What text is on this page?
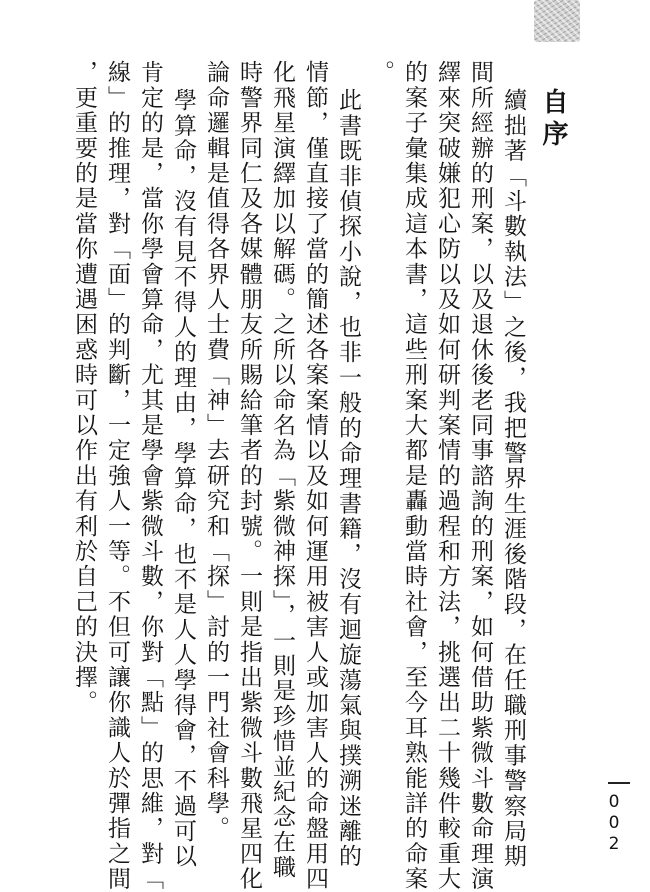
自序
續拙著「斗數執法」之後，我把警界生涯後階段，在任職刑事警察局期
間所經辦的刑案，以及退休後老同事諮詢的刑案，如何借助紫微斗數命理演
繹來突破嫌犯心防以及如何研判案情的過程和方法，挑選出二十幾件較重大
的案子彙集成這本書，這些刑案大都是轟動當時社會，至今耳熟能詳的命案
。
此書既非偵探小說，也非一般的命理書籍，沒有迴旋蕩氣與撲溯迷離的
情節，僅直接了當的簡述各案案情以及如何運用被害人或加害人的命盤用四
化飛星演繹加以解碼。之所以命名為「紫微神探」，一則是珍惜並紀念在職
時警界同仁及各媒體朋友所賜給筆者的封號。一則是指出紫微斗數飛星四化
論命邏輯是值得各界人士費「神」去研究和「探」討的一門社會科學。
學算命，沒有見不得人的理由，學算命，也不是人人學得會，不過可以
肯定的是，當你學會算命，尤其是學會紫微斗數，你對「點」的思維，對「
線」的推理，對「面」的判斷，一定強人一等。不但可讓你識人於彈指之間
，更重要的是當你遭遇困惑時可以作出有利於自己的決擇。
002
